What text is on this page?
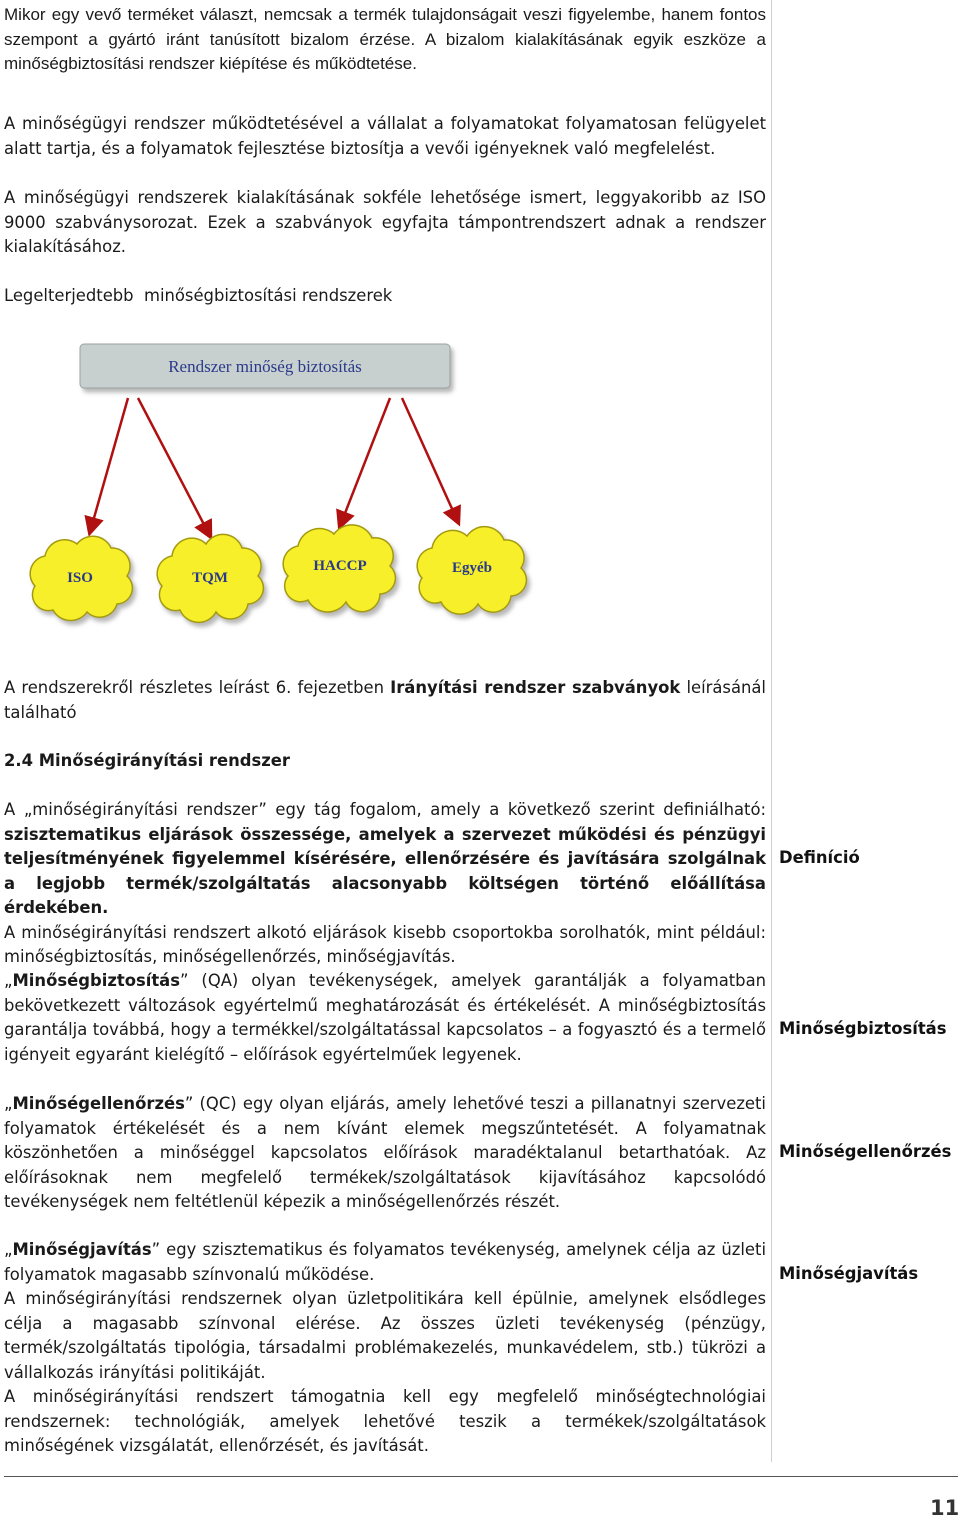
Mikor egy vevő terméket választ, nemcsak a termék tulajdonságait veszi figyelembe, hanem fontos szempont a gyártó iránt tanúsított bizalom érzése. A bizalom kialakításának egyik eszköze a minőségbiztosítási rendszer kiépítése és működtetése.

A minőségügyi rendszer működtetésével a vállalat a folyamatokat folyamatosan felügyelet alatt tartja, és a folyamatok fejlesztése biztosítja a vevői igényeknek való megfelelést.

A minőségügyi rendszerek kialakításának sokféle lehetősége ismert, leggyakoribb az ISO 9000 szabványsorozat. Ezek a szabványok egyfajta támpontrendszert adnak a rendszer kialakításához.

Legelterjedtebb  minőségbiztosítási rendszerek

A rendszerekről részletes leírást 6. fejezetben Irányítási rendszer szabványok leírásánál található

2.4 Minőségirányítási rendszer

A „minőségirányítási rendszer” egy tág fogalom, amely a következő szerint definiálható: szisztematikus eljárások összessége, amelyek a szervezet működési és pénzügyi teljesítményének figyelemmel kísérésére, ellenőrzésére és javítására szolgálnak a legjobb termék/szolgáltatás alacsonyabb költségen történő előállítása érdekében.
A minőségirányítási rendszert alkotó eljárások kisebb csoportokba sorolhatók, mint például: minőségbiztosítás, minőségellenőrzés, minőségjavítás.

„Minőségbiztosítás” (QA) olyan tevékenységek, amelyek garantálják a folyamatban bekövetkezett változások egyértelmű meghatározását és értékelését. A minőségbiztosítás garantálja továbbá, hogy a termékkel/szolgáltatással kapcsolatos – a fogyasztó és a termelő igényeit egyaránt kielégítő – előírások egyértelműek legyenek.

„Minőségellenőrzés” (QC) egy olyan eljárás, amely lehetővé teszi a pillanatnyi szervezeti folyamatok értékelését és a nem kívánt elemek megszűntetését. A folyamatnak köszönhetően a minőséggel kapcsolatos előírások maradéktalanul betarthatóak. Az előírásoknak nem megfelelő termékek/szolgáltatások kijavításához kapcsolódó tevékenységek nem feltétlenül képezik a minőségellenőrzés részét.

„Minőségjavítás” egy szisztematikus és folyamatos tevékenység, amelynek célja az üzleti folyamatok magasabb színvonalú működése.
A minőségirányítási rendszernek olyan üzletpolitikára kell épülnie, amelynek elsődleges célja a magasabb színvonal elérése. Az összes üzleti tevékenység (pénzügy, termék/szolgáltatás tipológia, társadalmi problémakezelés, munkavédelem, stb.) tükrözi a vállalkozás irányítási politikáját.
A minőségirányítási rendszert támogatnia kell egy megfelelő minőségtechnológiai rendszernek: technológiák, amelyek lehetővé teszik a termékek/szolgáltatások minőségének vizsgálatát, ellenőrzését, és javítását.

Rendszer minőség biztosítás
ISO	TQM
HACCP	Egyéb
Definíció
Minőségbiztosítás
Minőségellenőrzés
Minőségjavítás
11
